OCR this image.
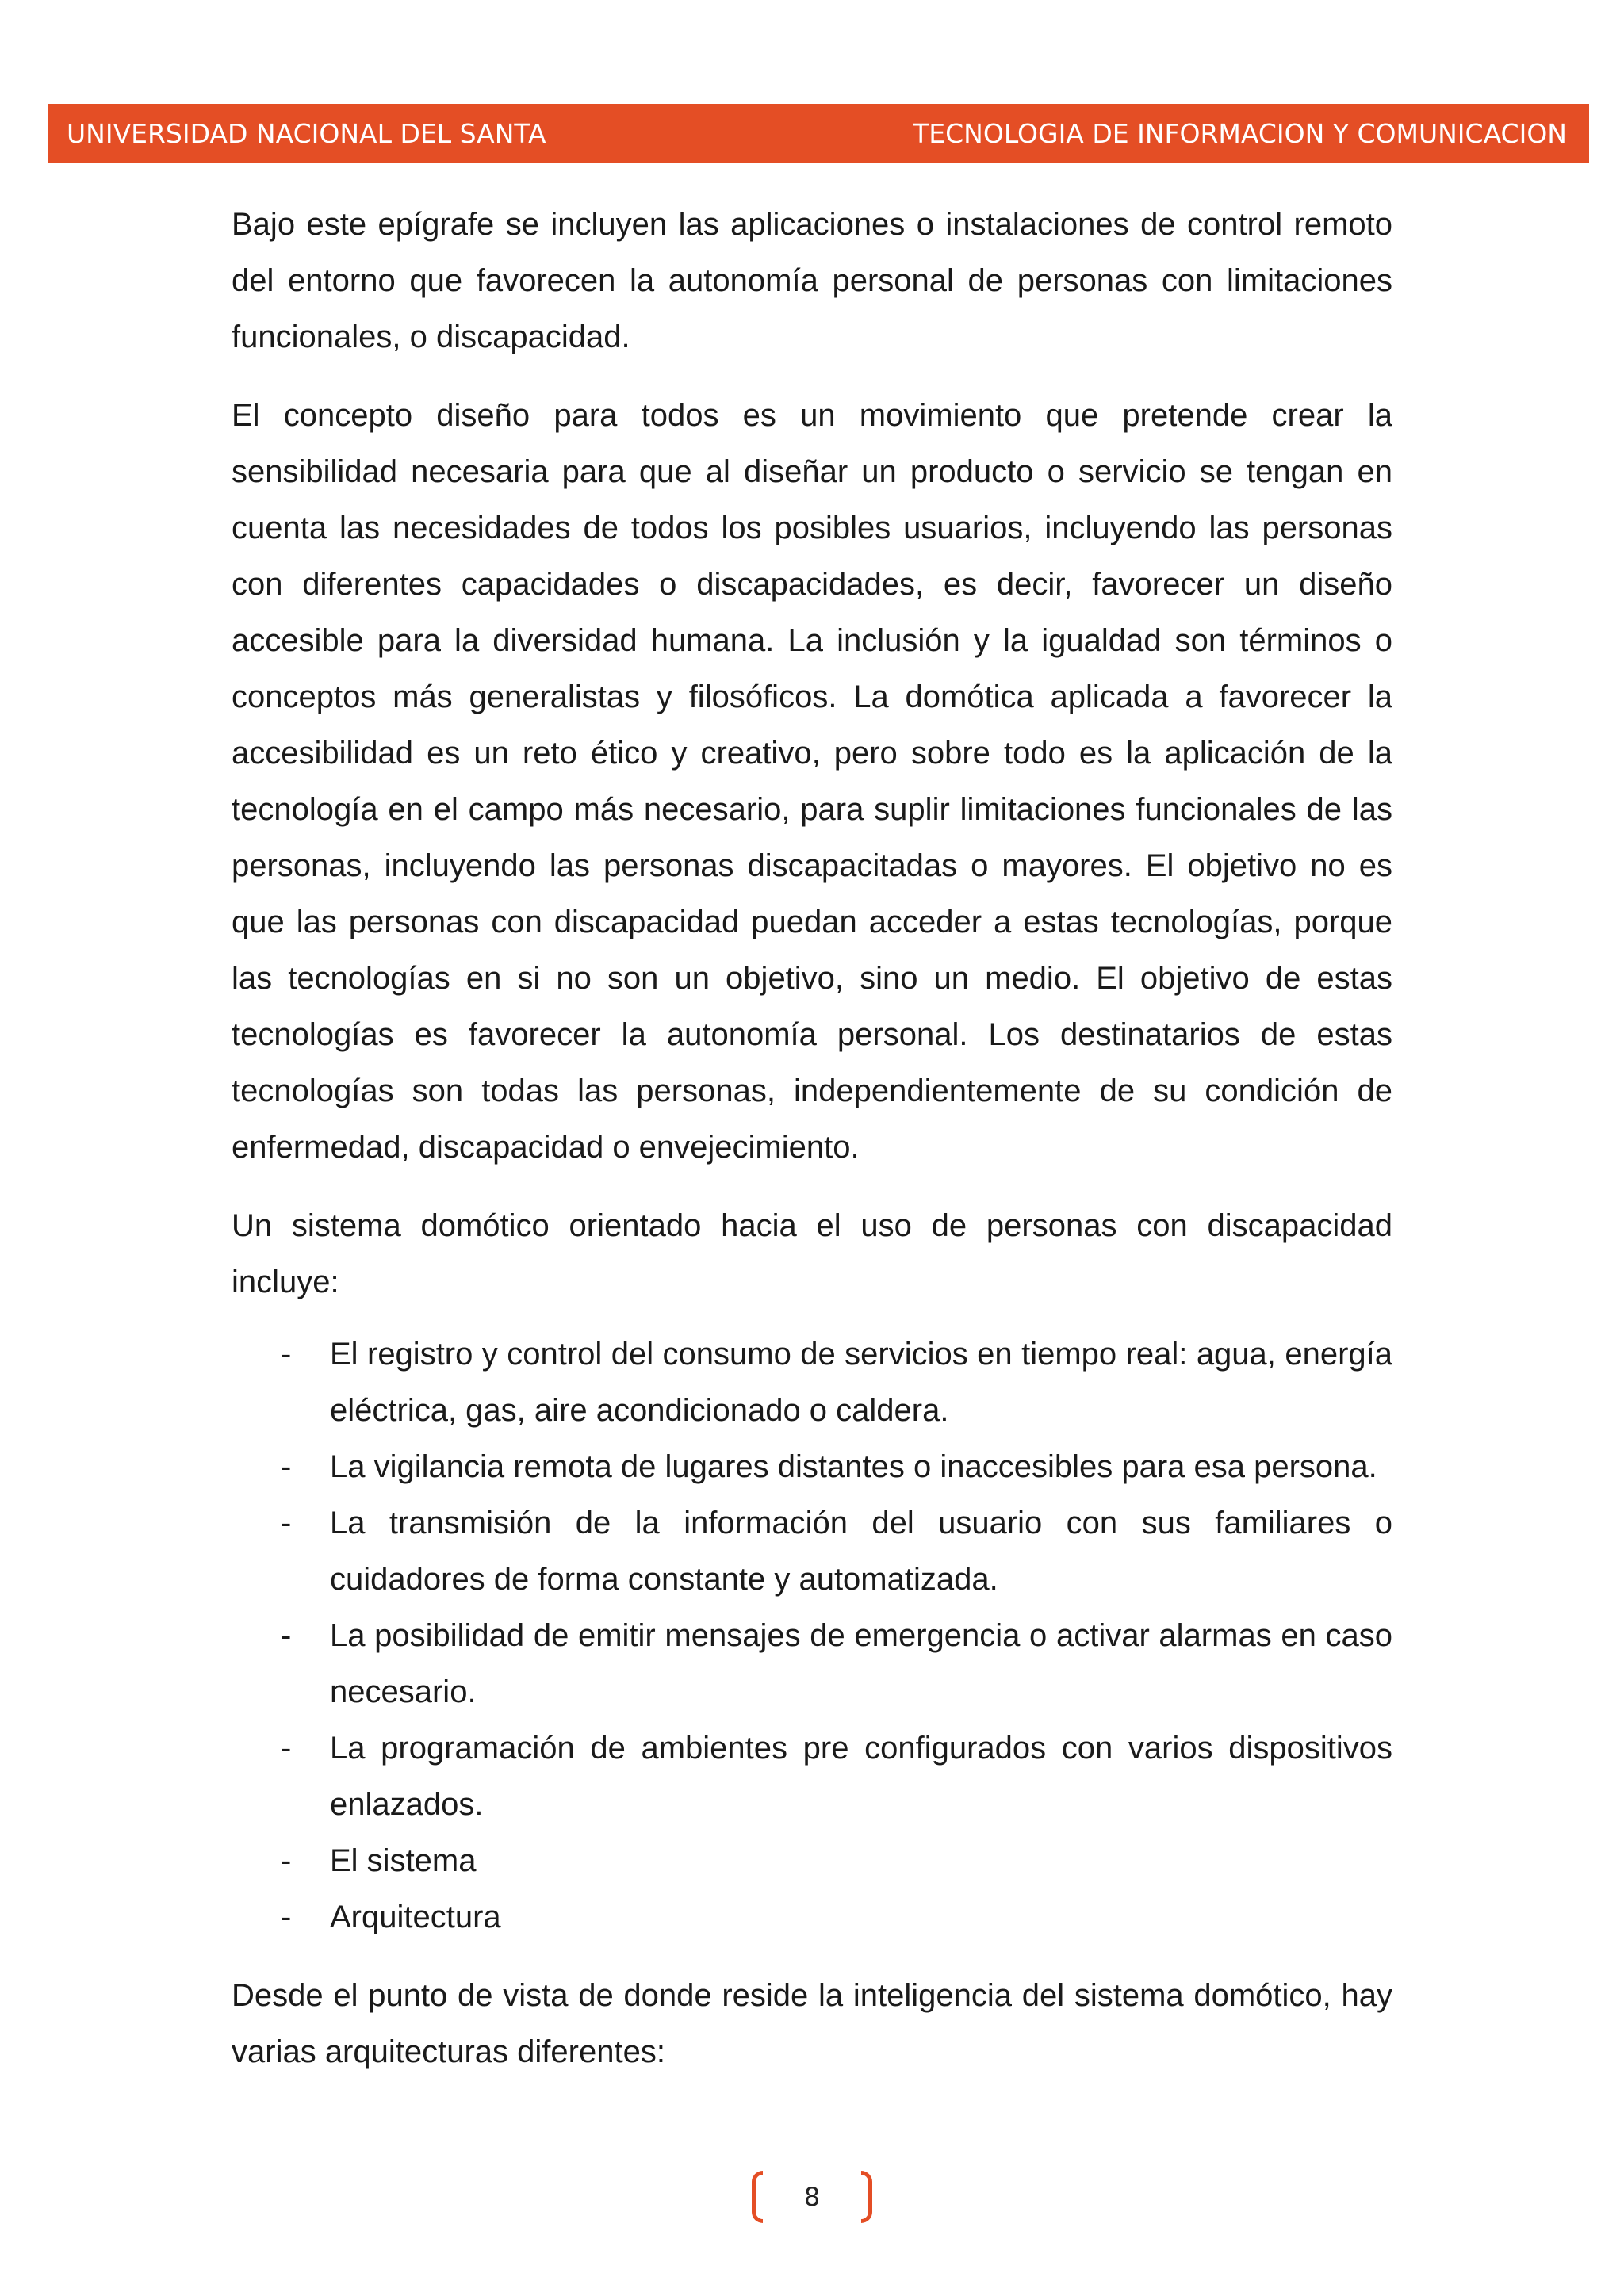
UNIVERSIDAD NACIONAL DEL SANTA	TECNOLOGIA DE INFORMACION Y COMUNICACION

Bajo este epígrafe se incluyen las aplicaciones o instalaciones de control remoto del entorno que favorecen la autonomía personal de personas con limitaciones funcionales, o discapacidad.

El concepto diseño para todos es un movimiento que pretende crear la sensibilidad necesaria para que al diseñar un producto o servicio se tengan en cuenta las necesidades de todos los posibles usuarios, incluyendo las personas con diferentes capacidades o discapacidades, es decir, favorecer un diseño accesible para la diversidad humana. La inclusión y la igualdad son términos o conceptos más generalistas y filosóficos. La domótica aplicada a favorecer la accesibilidad es un reto ético y creativo, pero sobre todo es la aplicación de la tecnología en el campo más necesario, para suplir limitaciones funcionales de las personas, incluyendo las personas discapacitadas o mayores. El objetivo no es que las personas con discapacidad puedan acceder a estas tecnologías, porque las tecnologías en si no son un objetivo, sino un medio. El objetivo de estas tecnologías es favorecer la autonomía personal. Los destinatarios de estas tecnologías son todas las personas, independientemente de su condición de enfermedad, discapacidad o envejecimiento.

Un sistema domótico orientado hacia el uso de personas con discapacidad incluye:

- El registro y control del consumo de servicios en tiempo real: agua, energía eléctrica, gas, aire acondicionado o caldera.
- La vigilancia remota de lugares distantes o inaccesibles para esa persona.
- La transmisión de la información del usuario con sus familiares o cuidadores de forma constante y automatizada.
- La posibilidad de emitir mensajes de emergencia o activar alarmas en caso necesario.
- La programación de ambientes pre configurados con varios dispositivos enlazados.
- El sistema
- Arquitectura

Desde el punto de vista de donde reside la inteligencia del sistema domótico, hay varias arquitecturas diferentes:

8
